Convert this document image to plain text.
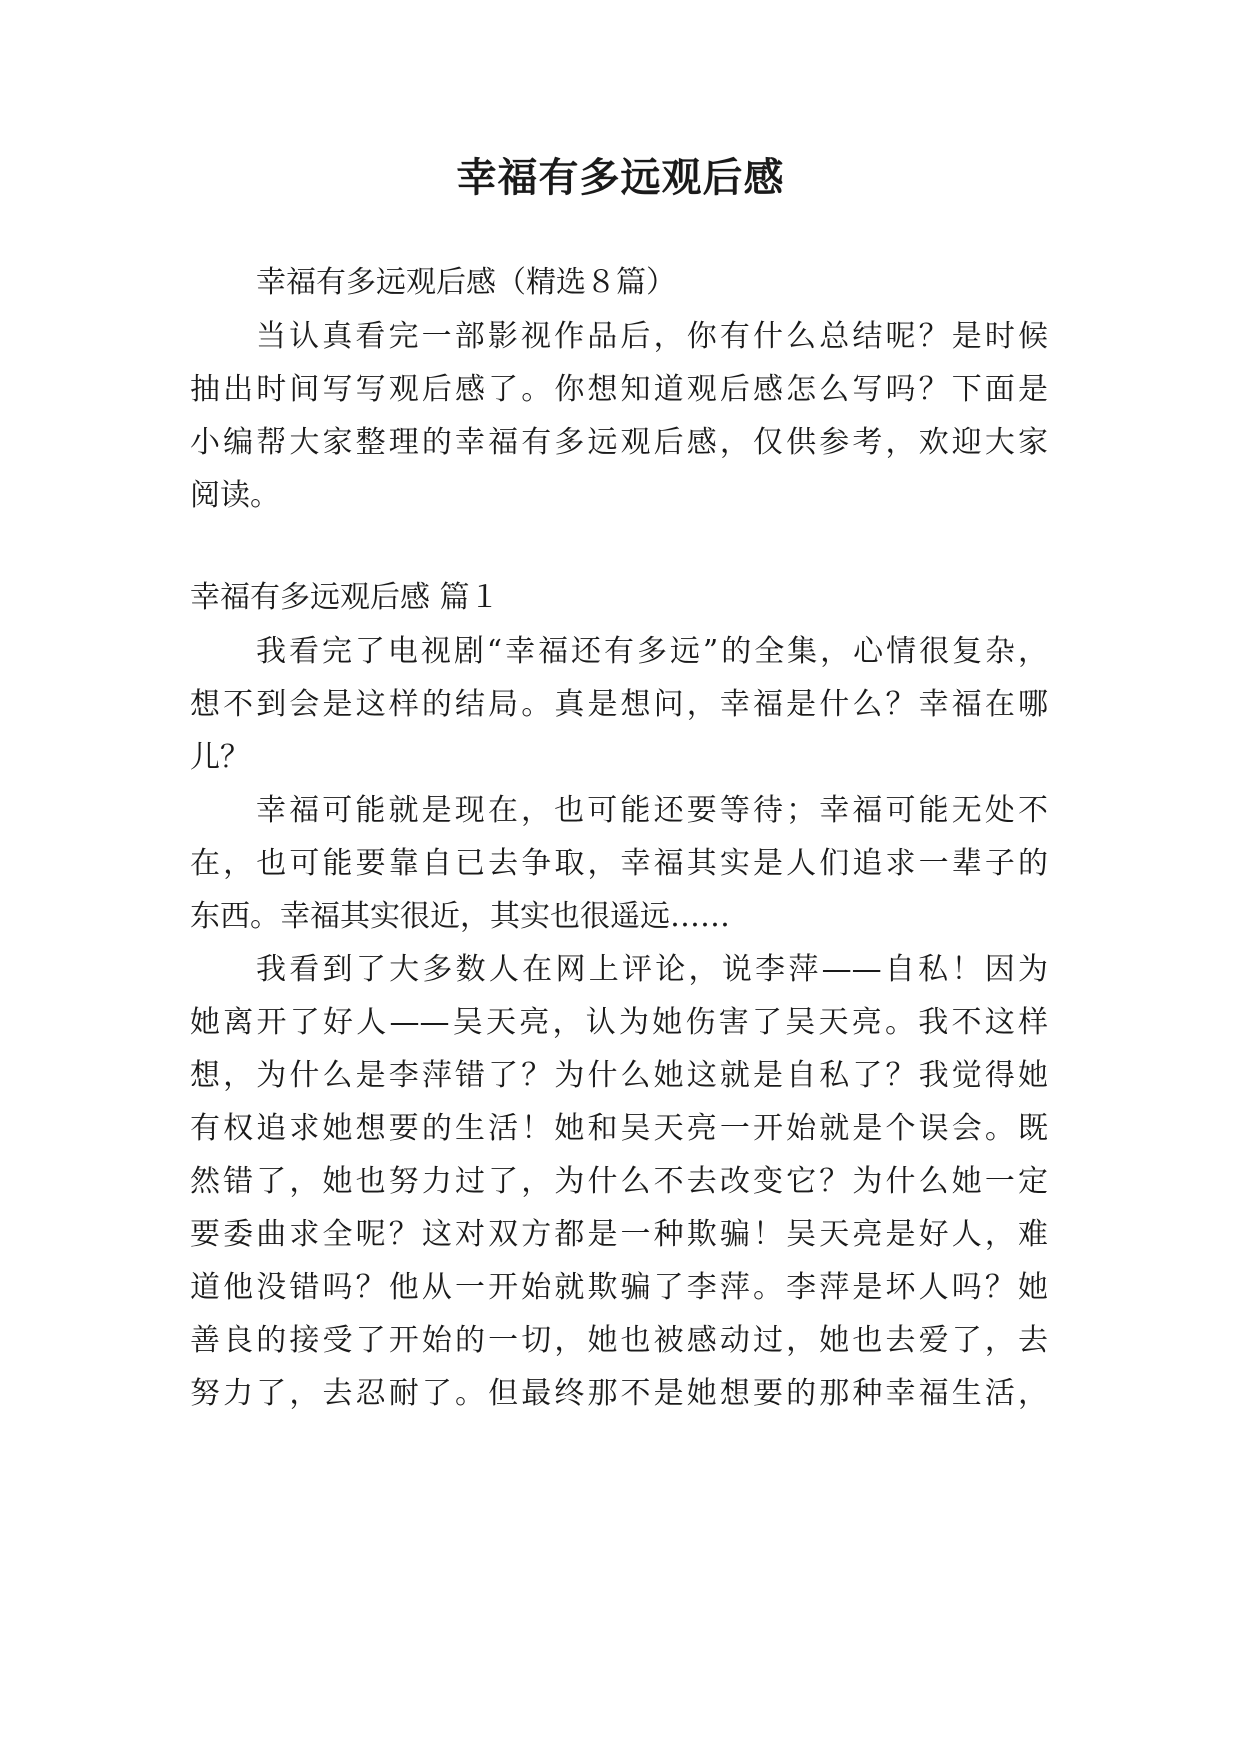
幸福有多远观后感

幸福有多远观后感（精选８篇）

当认真看完一部影视作品后，你有什么总结呢？是时候

抽出时间写写观后感了。你想知道观后感怎么写吗？下面是

小编帮大家整理的幸福有多远观后感，仅供参考，欢迎大家

阅读。

幸福有多远观后感 篇１

我看完了电视剧“幸福还有多远”的全集，心情很复杂，

想不到会是这样的结局。真是想问，幸福是什么？幸福在哪

儿？

幸福可能就是现在，也可能还要等待；幸福可能无处不

在，也可能要靠自已去争取，幸福其实是人们追求一辈子的

东西。幸福其实很近，其实也很遥远……

我看到了大多数人在网上评论，说李萍——自私！因为

她离开了好人——吴天亮，认为她伤害了吴天亮。我不这样

想，为什么是李萍错了？为什么她这就是自私了？我觉得她

有权追求她想要的生活！她和吴天亮一开始就是个误会。既

然错了，她也努力过了，为什么不去改变它？为什么她一定

要委曲求全呢？这对双方都是一种欺骗！吴天亮是好人，难

道他没错吗？他从一开始就欺骗了李萍。李萍是坏人吗？她

善良的接受了开始的一切，她也被感动过，她也去爱了，去

努力了，去忍耐了。但最终那不是她想要的那种幸福生活，
